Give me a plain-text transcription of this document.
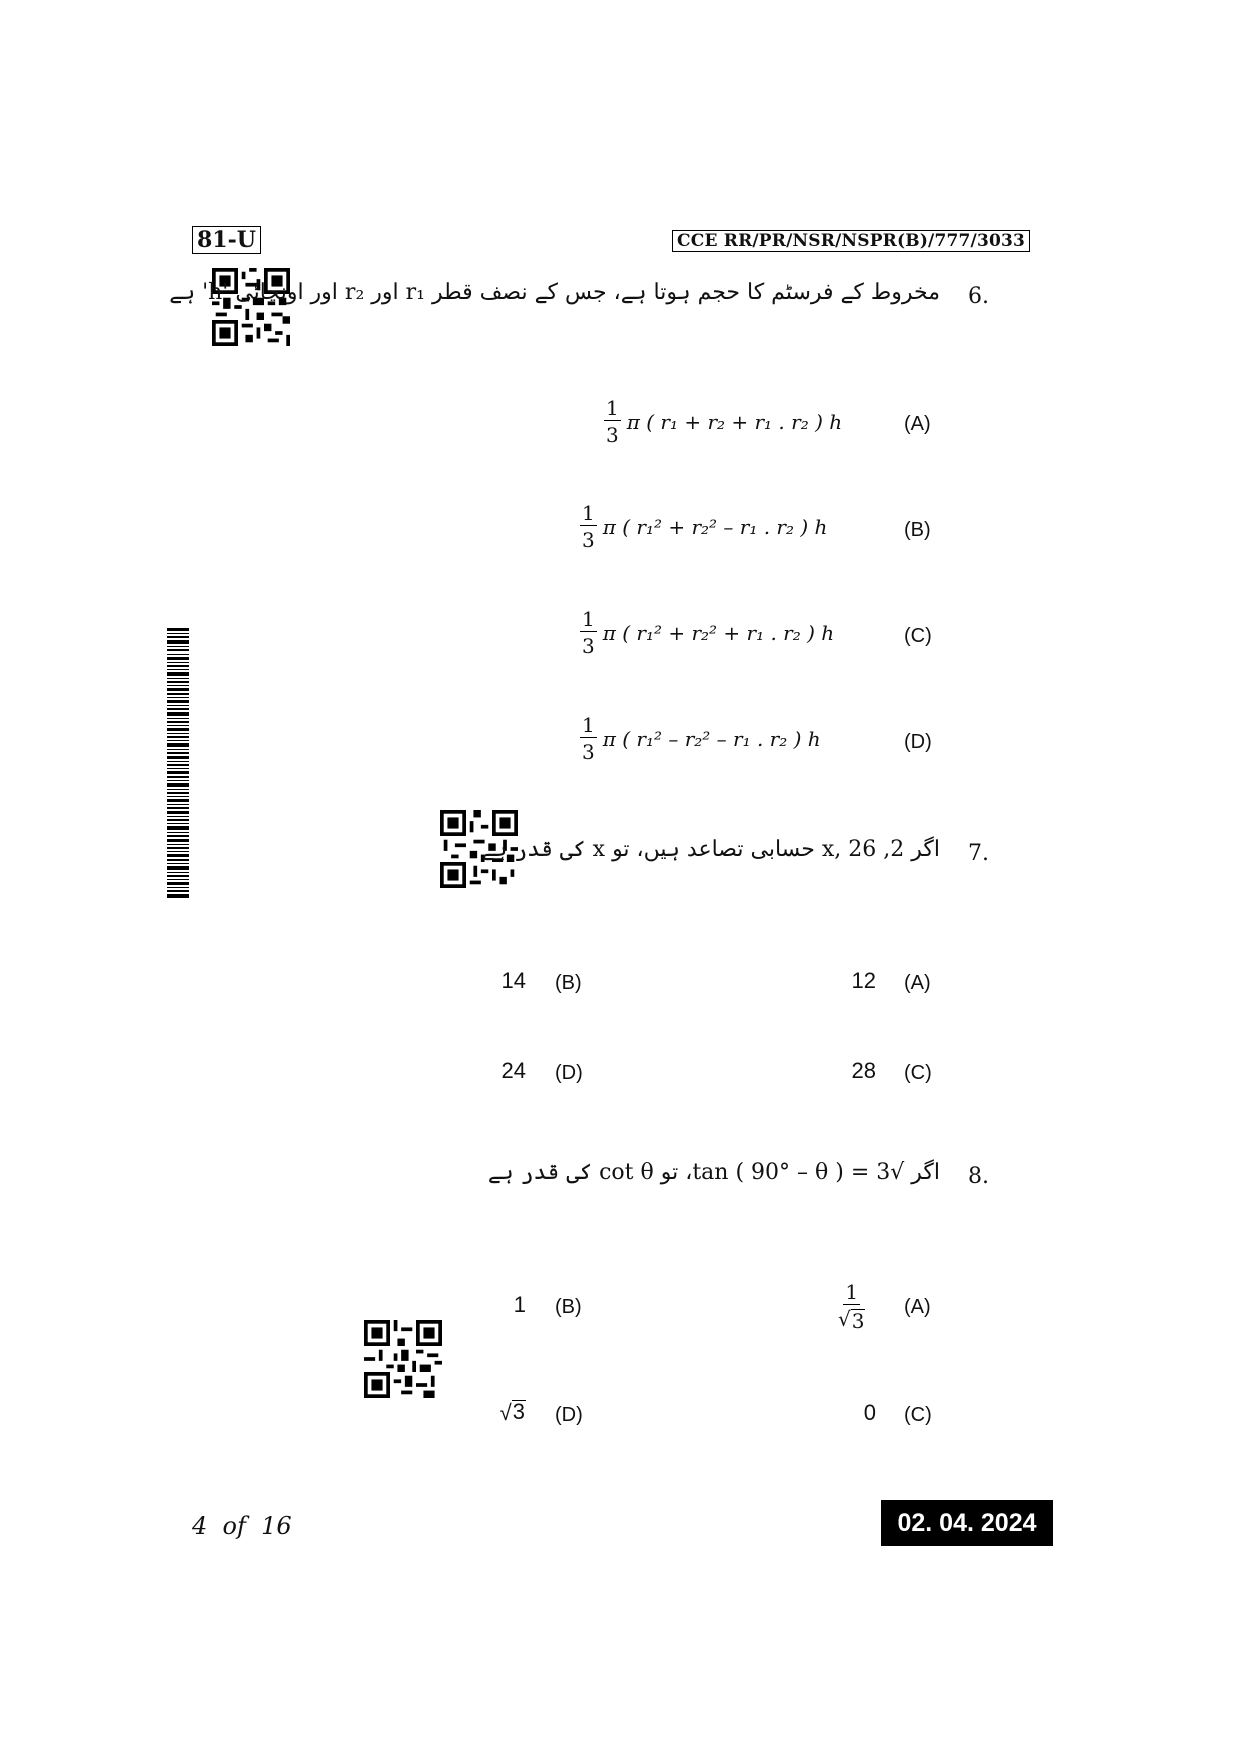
81-U	CCE RR/PR/NSR/NSPR(B)/777/3033
6.
مخروط کے فرسٹم کا حجم ہوتا ہے، جس کے نصف قطر r₁ اور r₂ اور اونچائی 'h' ہے
(A)
$\frac{1}{3}$ π ( r₁ + r₂ + r₁ . r₂ ) h
(B)
$\frac{1}{3}$ π ( r₁² + r₂² – r₁ . r₂ ) h
(C)
$\frac{1}{3}$ π ( r₁² + r₂² + r₁ . r₂ ) h
(D)
$\frac{1}{3}$ π ( r₁² – r₂² – r₁ . r₂ ) h
7.
اگر 2, x, 26 حسابی تصاعد ہیں، تو x کی قدر ہے
(A)
12
(B)
14
(C)
28
(D)
24
8.
اگر √3 = tan ( 90° – θ )، تو cot θ کی قدر ہے
(A)
$\frac{1}{√ 3}$
(B)
1
(C)
0
(D)
√ 3
4  of  16	02. 04. 2024
